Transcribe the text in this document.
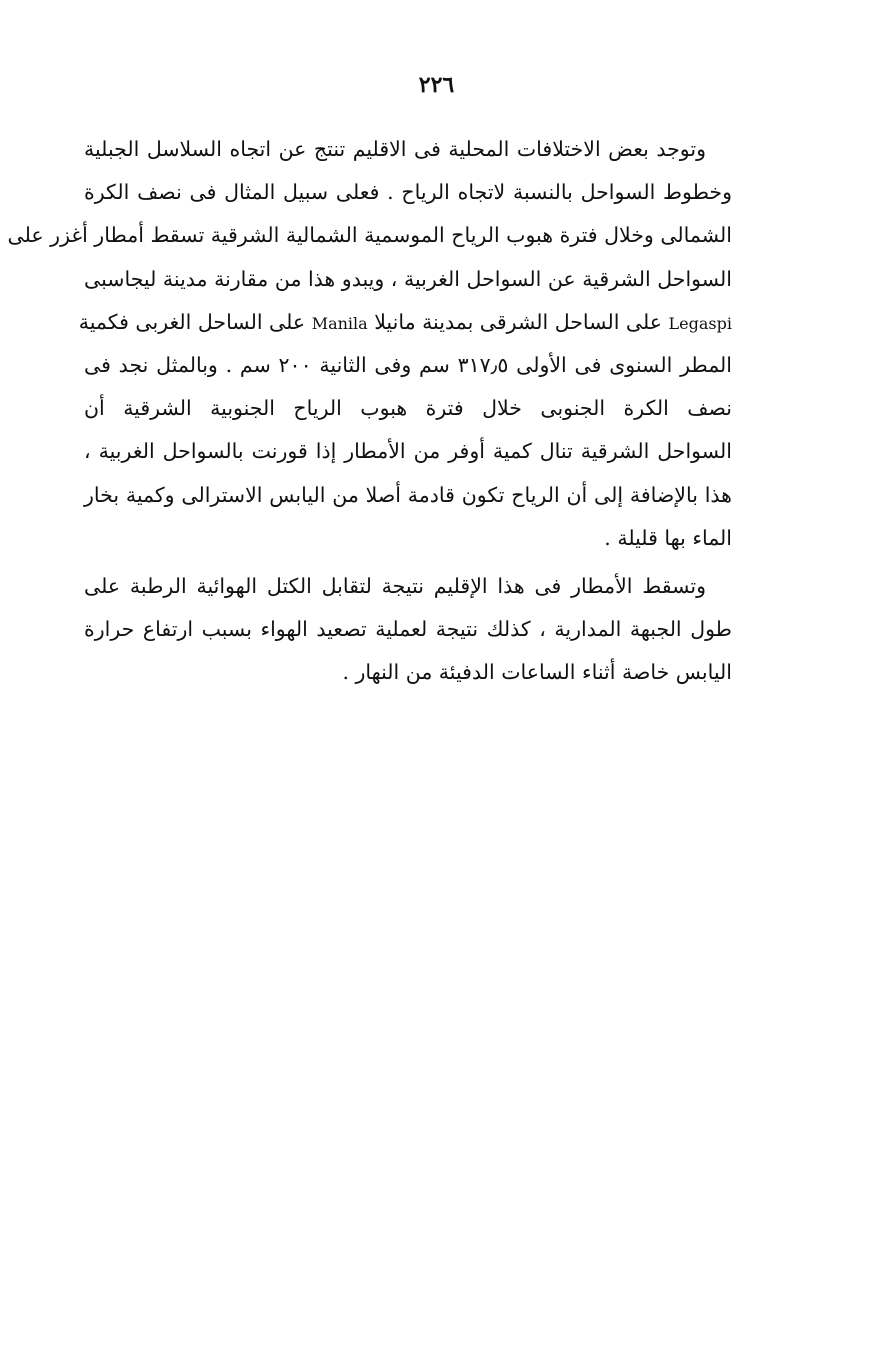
٢٢٦
وتوجد بعض الاختلافات المحلية فى الاقليم تنتج عن اتجاه السلاسل الجبلية
وخطوط السواحل بالنسبة لاتجاه الرياح . فعلى سبيل المثال فى نصف الكرة
الشمالى وخلال فترة هبوب الرياح الموسمية الشمالية الشرقية تسقط أمطار أغزر على
السواحل الشرقية عن السواحل الغربية ، ويبدو هذا من مقارنة مدينة ليجاسبى
Legaspi على الساحل الشرقى بمدينة مانيلا Manila على الساحل الغربى فكمية
المطر السنوى فى الأولى ٣١٧٫٥ سم وفى الثانية ٢٠٠ سم . وبالمثل نجد فى
نصف الكرة الجنوبى خلال فترة هبوب الرياح الجنوبية الشرقية أن
السواحل الشرقية تنال كمية أوفر من الأمطار إذا قورنت بالسواحل الغربية ،
هذا بالإضافة إلى أن الرياح تكون قادمة أصلا من اليابس الاسترالى وكمية بخار
الماء بها قليلة .
وتسقط الأمطار فى هذا الإقليم نتيجة لتقابل الكتل الهوائية الرطبة على
طول الجبهة المدارية ، كذلك نتيجة لعملية تصعيد الهواء بسبب ارتفاع حرارة
اليابس خاصة أثناء الساعات الدفيئة من النهار .
